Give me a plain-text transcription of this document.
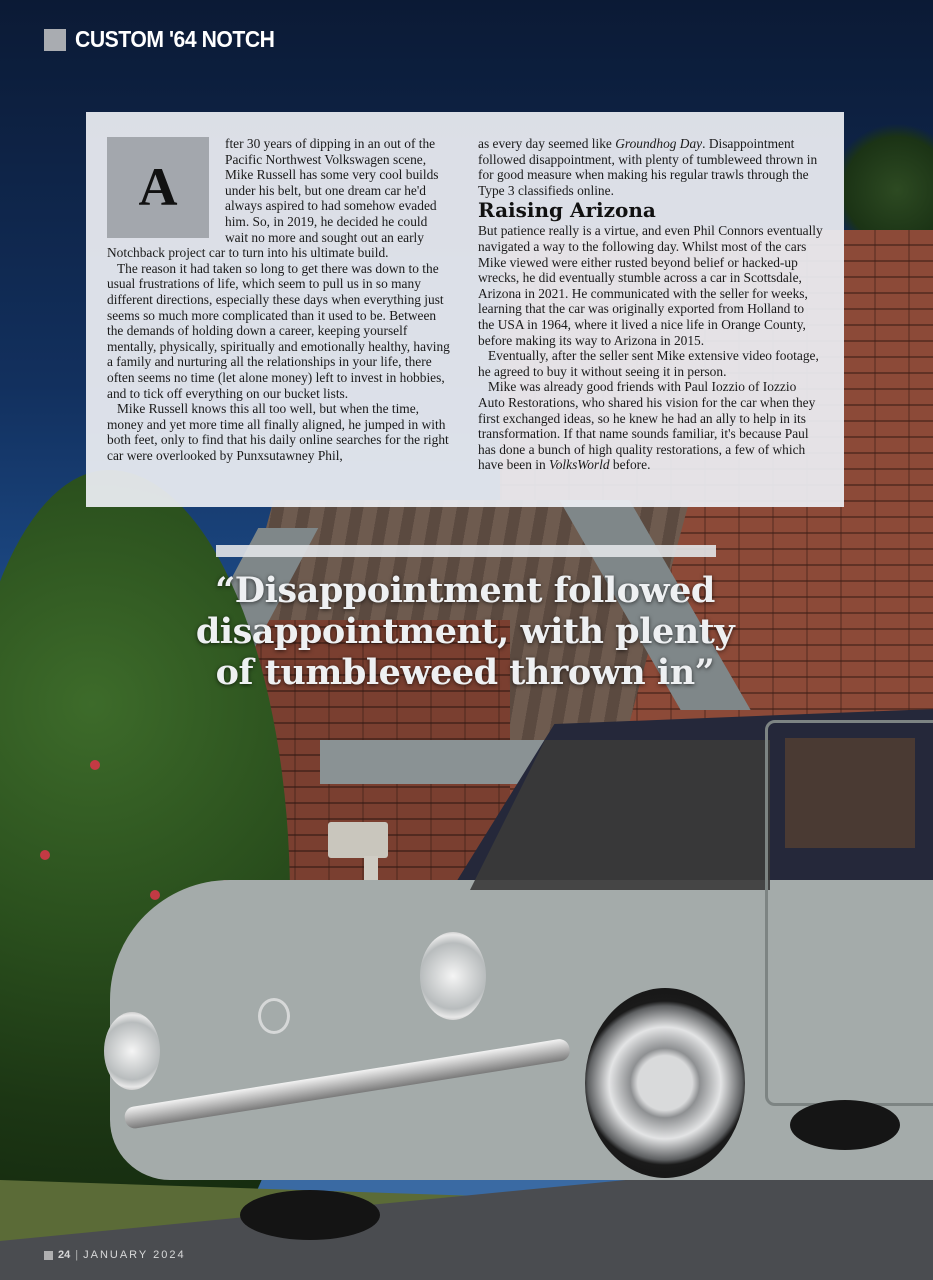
CUSTOM '64 NOTCH
A

fter 30 years of dipping in an out of the Pacific Northwest Volkswagen scene, Mike Russell has some very cool builds under his belt, but one dream car he'd always aspired to had somehow evaded him. So, in 2019, he decided he could wait no more and sought out an early Notchback project car to turn into his ultimate build.

The reason it had taken so long to get there was down to the usual frustrations of life, which seem to pull us in so many different directions, especially these days when everything just seems so much more complicated than it used to be. Between the demands of holding down a career, keeping yourself mentally, physically, spiritually and emotionally healthy, having a family and nurturing all the relationships in your life, there often seems no time (let alone money) left to invest in hobbies, and to tick off everything on our bucket lists.

Mike Russell knows this all too well, but when the time, money and yet more time all finally aligned, he jumped in with both feet, only to find that his daily online searches for the right car were overlooked by Punxsutawney Phil,

as every day seemed like Groundhog Day. Disappointment followed disappointment, with plenty of tumbleweed thrown in for good measure when making his regular trawls through the Type 3 classifieds online.

Raising Arizona

But patience really is a virtue, and even Phil Connors eventually navigated a way to the following day. Whilst most of the cars Mike viewed were either rusted beyond belief or hacked-up wrecks, he did eventually stumble across a car in Scottsdale, Arizona in 2021. He communicated with the seller for weeks, learning that the car was originally exported from Holland to the USA in 1964, where it lived a nice life in Orange County, before making its way to Arizona in 2015.

Eventually, after the seller sent Mike extensive video footage, he agreed to buy it without seeing it in person.

Mike was already good friends with Paul Iozzio of Iozzio Auto Restorations, who shared his vision for the car when they first exchanged ideas, so he knew he had an ally to help in its transformation. If that name sounds familiar, it's because Paul has done a bunch of high quality restorations, a few of which have been in VolksWorld before.

“Disappointment followed
disappointment, with plenty
of tumbleweed thrown in”
24 | JANUARY 2024
